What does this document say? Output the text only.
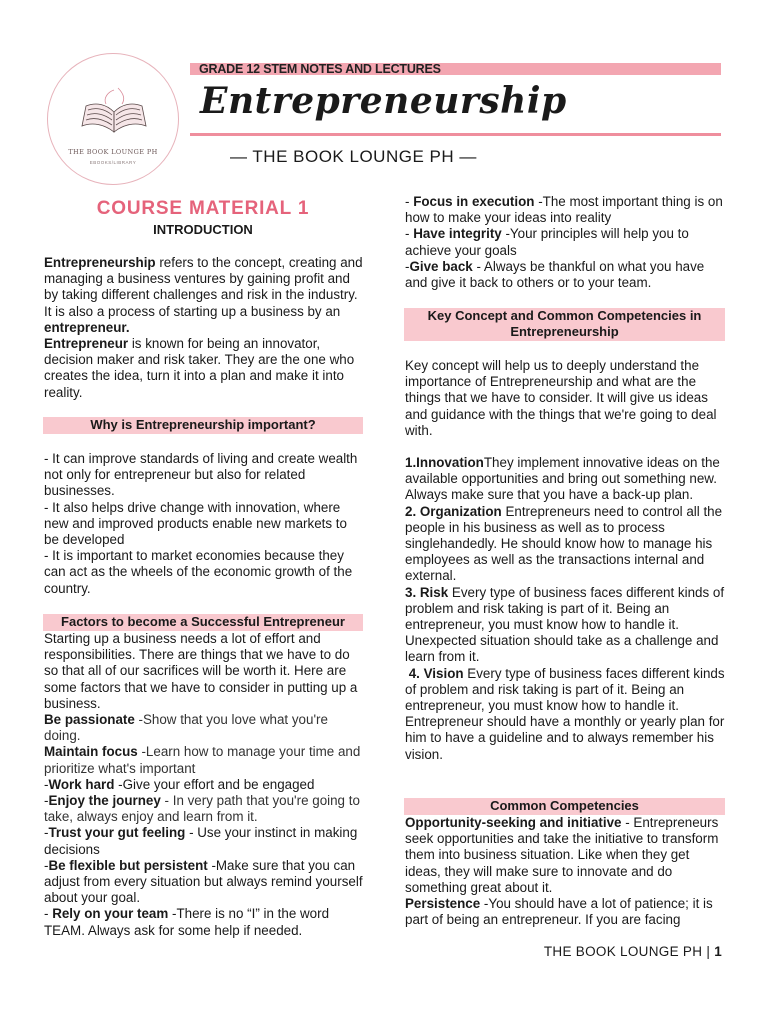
THE BOOK LOUNGE PH
EBOOKS/LIBRARY
GRADE 12 STEM NOTES AND LECTURES
Entrepreneurship
— THE BOOK LOUNGE PH —
COURSE MATERIAL 1
INTRODUCTION

Entrepreneurship refers to the concept, creating and managing a business ventures by gaining profit and by taking different challenges and risk in the industry. It is also a process of starting up a business by an entrepreneur.

Entrepreneur is known for being an innovator, decision maker and risk taker. They are the one who creates the idea, turn it into a plan and make it into reality.

Why is Entrepreneurship important?

- It can improve standards of living and create wealth not only for entrepreneur but also for related businesses.

- It also helps drive change with innovation, where new and improved products enable new markets to be developed

- It is important to market economies because they can act as the wheels of the economic growth of the country.

Factors to become a Successful Entrepreneur

Starting up a business needs a lot of effort and responsibilities. There are things that we have to do so that all of our sacrifices will be worth it. Here are some factors that we have to consider in putting up a business.

Be passionate -Show that you love what you're doing.

Maintain focus -Learn how to manage your time and prioritize what's important

-Work hard -Give your effort and be engaged

-Enjoy the journey - In very path that you're going to take, always enjoy and learn from it.

-Trust your gut feeling - Use your instinct in making decisions

-Be flexible but persistent -Make sure that you can adjust from every situation but always remind yourself about your goal.

- Rely on your team -There is no “I” in the word TEAM. Always ask for some help if needed.

- Focus in execution -The most important thing is on how to make your ideas into reality

- Have integrity -Your principles will help you to achieve your goals

-Give back - Always be thankful on what you have and give it back to others or to your team.

Key Concept and Common Competencies in
Entrepreneurship

Key concept will help us to deeply understand the importance of Entrepreneurship and what are the things that we have to consider. It will give us ideas and guidance with the things that we're going to deal with.

1.InnovationThey implement innovative ideas on the available opportunities and bring out something new. Always make sure that you have a back-up plan.

2. Organization Entrepreneurs need to control all the people in his business as well as to process singlehandedly. He should know how to manage his employees as well as the transactions internal and external.

3. Risk Every type of business faces different kinds of problem and risk taking is part of it. Being an entrepreneur, you must know how to handle it. Unexpected situation should take as a challenge and learn from it.

4. Vision Every type of business faces different kinds of problem and risk taking is part of it. Being an entrepreneur, you must know how to handle it. Entrepreneur should have a monthly or yearly plan for him to have a guideline and to always remember his vision.

Common Competencies

Opportunity-seeking and initiative - Entrepreneurs seek opportunities and take the initiative to transform them into business situation. Like when they get ideas, they will make sure to innovate and do something great about it.

Persistence -You should have a lot of patience; it is part of being an entrepreneur. If you are facing

THE BOOK LOUNGE PH | 1
